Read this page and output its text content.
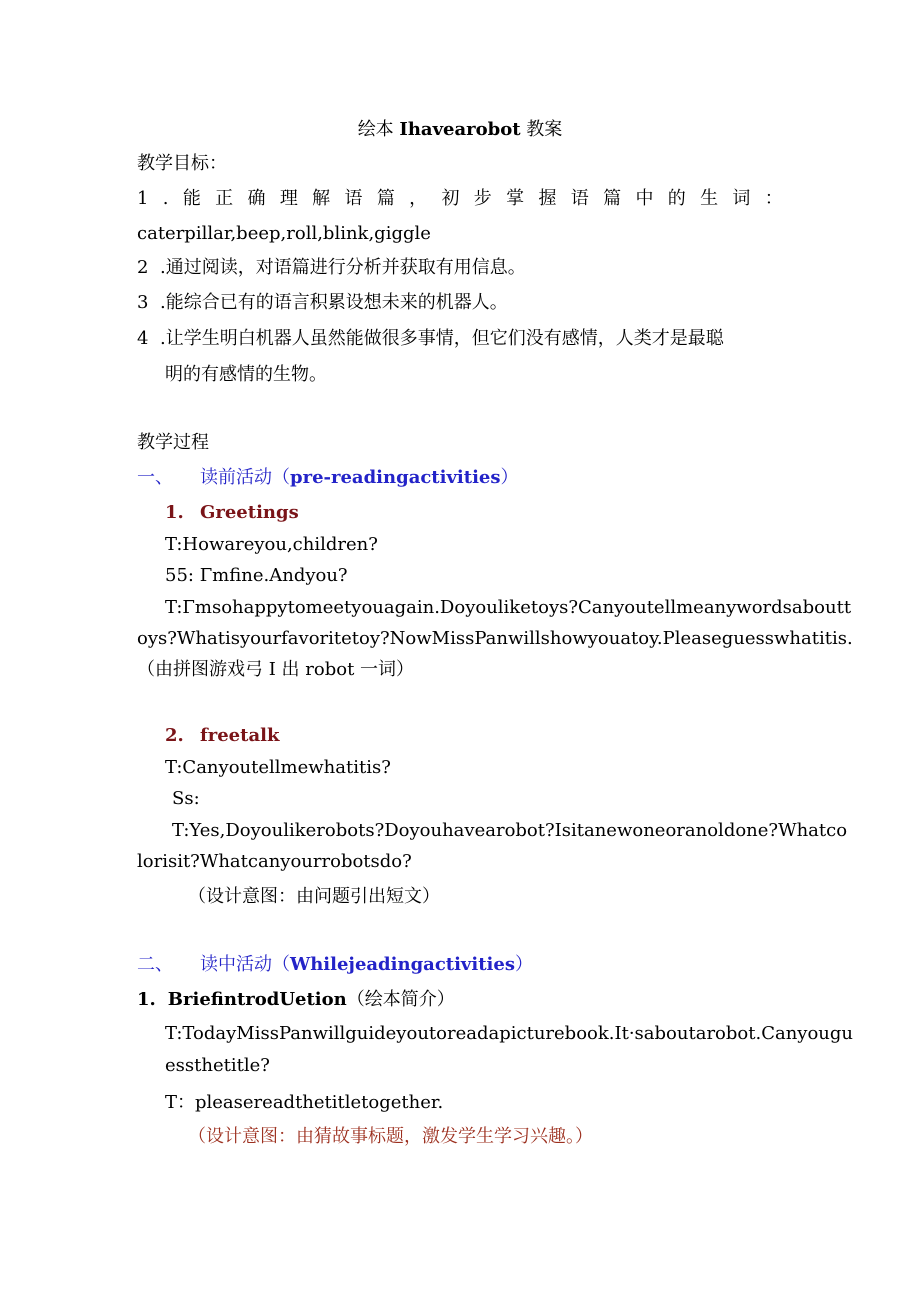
绘本 Ihavearobot 教案
教学目标：
1 . 能 正 确 理 解 语 篇 ， 初 步 掌 握 语 篇 中 的 生 词 ：
caterpillar,beep,roll,blink,giggle
2 .通过阅读，对语篇进行分析并获取有用信息。
3 .能综合已有的语言积累设想未来的机器人。
4 .让学生明白机器人虽然能做很多事情，但它们没有感情，人类才是最聪
明的有感情的生物。
教学过程
一、 读前活动（pre-readingactivities）
1. Greetings
T:Howareyou,children?
55: Γmfine.Andyou?
T:Γmsohappytomeetyouagain.Doyouliketoys?Canyoutellmeanywordsaboutt
oys?Whatisyourfavoritetoy?NowMissPanwillshowyouatoy.Pleaseguesswhatitis.
（由拼图游戏弓 I 出 robot 一词）
2. freetalk
T:Canyoutellmewhatitis?
Ss:
T:Yes,Doyoulikerobots?Doyouhavearobot?Isitanewoneoranoldone?Whatco
lorisit?Whatcanyourrobotsdo?
（设计意图：由问题引出短文）
二、 读中活动（Whilejeadingactivities）
1. BriefintrodUetion（绘本简介）
T:TodayMissPanwillguideyoutoreadapicturebook.It·saboutarobot.Canyougu
essthetitle?
T：pleasereadthetitletogether.
（设计意图：由猜故事标题，激发学生学习兴趣。）
